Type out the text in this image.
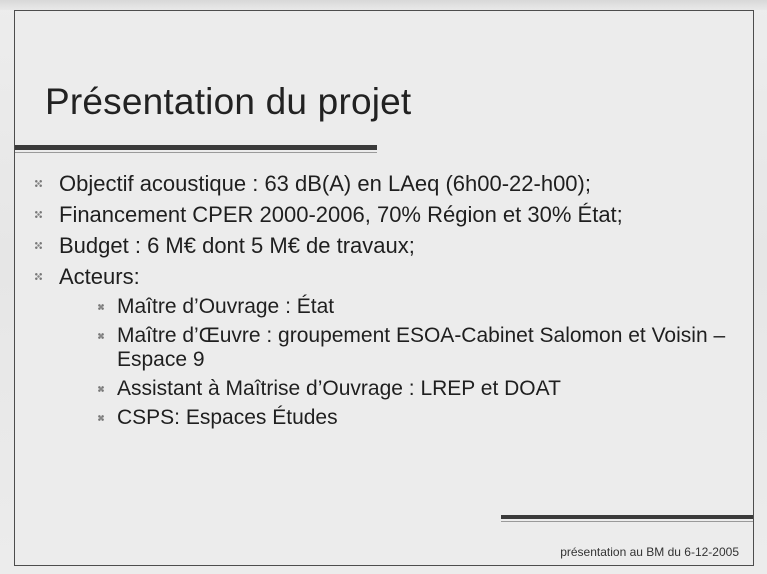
Présentation du projet
Objectif acoustique : 63 dB(A) en LAeq (6h00-22-h00);
Financement CPER 2000-2006, 70% Région et 30% État;
Budget : 6 M€ dont 5 M€ de travaux;
Acteurs:
Maître d’Ouvrage : État
Maître d’Œuvre : groupement ESOA-Cabinet Salomon et Voisin –Espace 9
Assistant à Maîtrise d’Ouvrage : LREP et DOAT
CSPS: Espaces Études
présentation au BM du 6-12-2005
